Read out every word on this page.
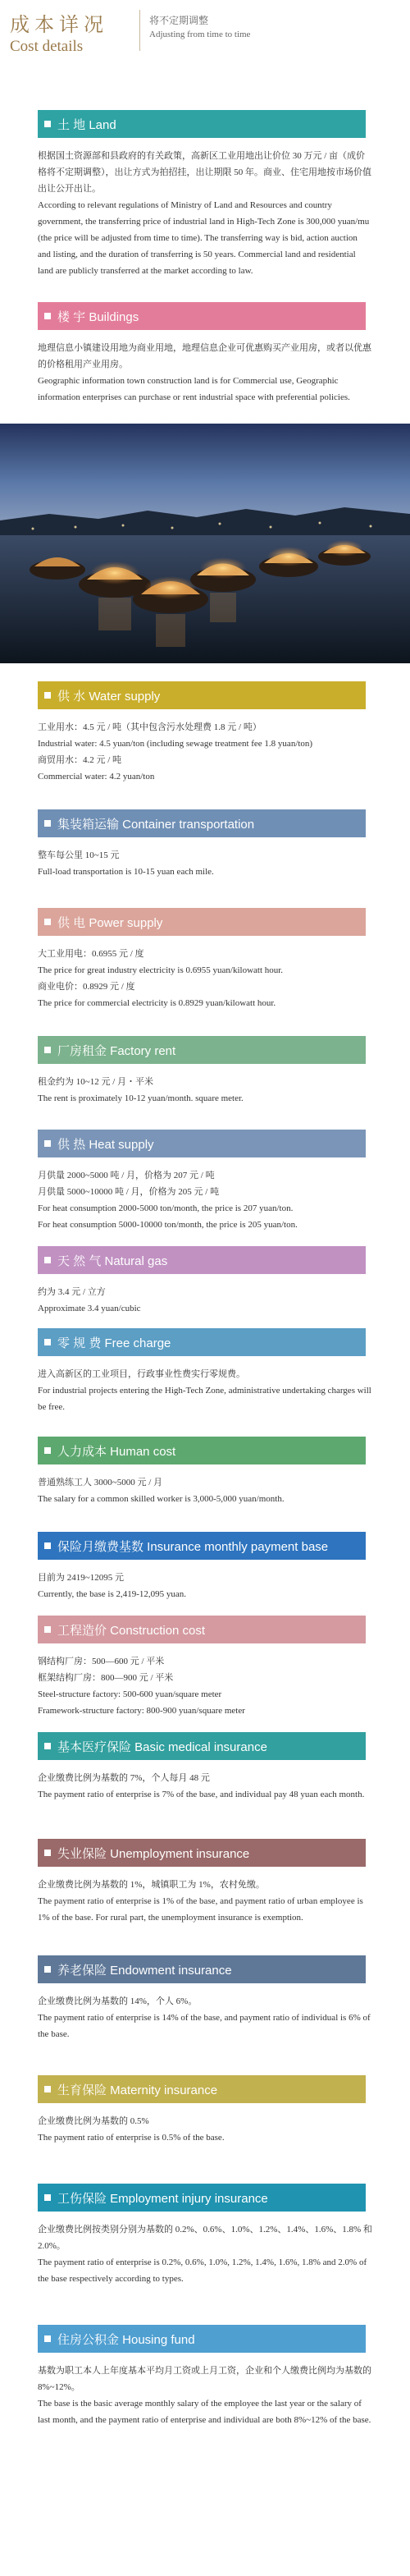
成本详况
Cost details
将不定期调整
Adjusting from time to time
土 地 Land

根据国土资源部和县政府的有关政策，高新区工业用地出让价位 30 万元 / 亩（成价格将不定期调整），出让方式为拍招挂，出让期限 50 年。商业、住宅用地按市场价值出让公开出让。

According to relevant regulations of Ministry of Land and Resources and country government, the transferring price of industrial land in High-Tech Zone is 300,000 yuan/mu (the price will be adjusted from time to time). The transferring way is bid, action auction and listing, and the duration of transferring is 50 years. Commercial land and residential land are publicly transferred at the market according to law.

楼 宇 Buildings

地理信息小镇建设用地为商业用地，地理信息企业可优惠购买产业用房，或者以优惠的价格租用产业用房。

Geographic information town construction land is for Commercial use, Geographic information enterprises can purchase or rent industrial space with preferential policies.

供 水 Water supply

工业用水：4.5 元 / 吨（其中包含污水处理费 1.8 元 / 吨）

Industrial water: 4.5 yuan/ton (including sewage treatment fee 1.8 yuan/ton)

商贸用水：4.2 元 / 吨

Commercial water: 4.2 yuan/ton

集装箱运输 Container transportation

整车每公里 10~15 元

Full-load transportation is 10-15 yuan each mile.

供 电 Power supply

大工业用电：0.6955 元 / 度

The price for great industry electricity is 0.6955 yuan/kilowatt hour.

商业电价：0.8929 元 / 度

The price for commercial electricity is 0.8929 yuan/kilowatt hour.

厂房租金 Factory rent

租金约为 10~12 元 / 月・平米

The rent is proximately 10-12 yuan/month. square meter.

供 热 Heat supply

月供量 2000~5000 吨 / 月，价格为 207 元 / 吨

月供量 5000~10000 吨 / 月，价格为 205 元 / 吨

For heat consumption 2000-5000 ton/month, the price is 207 yuan/ton.

For heat consumption 5000-10000 ton/month, the price is 205 yuan/ton.

天 然 气 Natural gas

约为 3.4 元 / 立方

Approximate 3.4 yuan/cubic

零 规 费 Free charge

进入高新区的工业项目，行政事业性费实行零规费。

For industrial projects entering the High-Tech Zone, administrative undertaking charges will be free.

人力成本 Human cost

普通熟练工人 3000~5000 元 / 月

The salary for a common skilled worker is 3,000-5,000 yuan/month.

保险月缴费基数 Insurance monthly payment base

目前为 2419~12095 元

Currently, the base is 2,419-12,095 yuan.

工程造价 Construction cost

钢结构厂房：500—600 元 / 平米

框架结构厂房：800—900 元 / 平米

Steel-structure factory: 500-600 yuan/square meter

Framework-structure factory: 800-900 yuan/square meter

基本医疗保险 Basic medical insurance

企业缴费比例为基数的 7%，个人每月 48 元

The payment ratio of enterprise is 7% of the base, and individual pay 48 yuan each month.

失业保险 Unemployment insurance

企业缴费比例为基数的 1%，城镇职工为 1%，农村免缴。

The payment ratio of enterprise is 1% of the base, and payment ratio of urban employee is 1% of the base. For rural part, the unemployment insurance is exemption.

养老保险 Endowment insurance

企业缴费比例为基数的 14%，个人 6%。

The payment ratio of enterprise is 14% of the base, and payment ratio of individual is 6% of the base.

生育保险 Maternity insurance

企业缴费比例为基数的 0.5%

The payment ratio of enterprise is 0.5% of the base.

工伤保险 Employment injury insurance

企业缴费比例按类别分别为基数的 0.2%、0.6%、1.0%、1.2%、1.4%、1.6%、1.8% 和 2.0%。

The payment ratio of enterprise is 0.2%, 0.6%, 1.0%, 1.2%, 1.4%, 1.6%, 1.8% and 2.0% of the base respectively according to types.

住房公积金 Housing fund

基数为职工本人上年度基本平均月工资或上月工资，企业和个人缴费比例均为基数的 8%~12%。

The base is the basic average monthly salary of the employee the last year or the salary of last month, and the payment ratio of enterprise and individual are both 8%~12% of the base.
